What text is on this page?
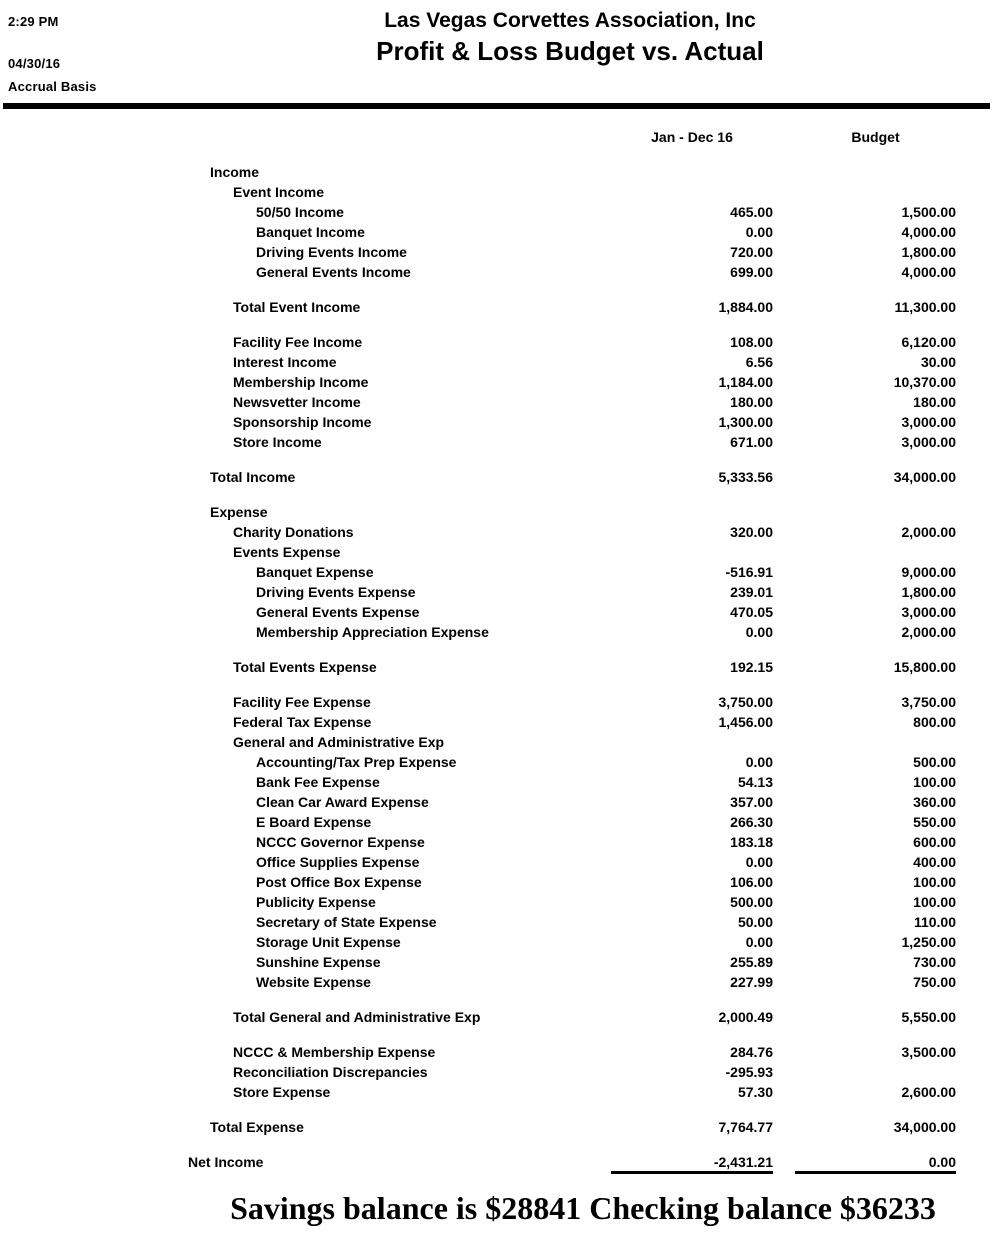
2:29 PM
04/30/16
Accrual Basis
Las Vegas Corvettes Association, Inc
Profit & Loss Budget vs. Actual
Jan - Dec 16	Budget
Income
Event Income
50/50 Income	465.00	1,500.00
Banquet Income	0.00	4,000.00
Driving Events Income	720.00	1,800.00
General Events Income	699.00	4,000.00
Total Event Income	1,884.00	11,300.00
Facility Fee Income	108.00	6,120.00
Interest Income	6.56	30.00
Membership Income	1,184.00	10,370.00
Newsvetter Income	180.00	180.00
Sponsorship Income	1,300.00	3,000.00
Store Income	671.00	3,000.00
Total Income	5,333.56	34,000.00
Expense
Charity Donations	320.00	2,000.00
Events Expense
Banquet Expense	-516.91	9,000.00
Driving Events Expense	239.01	1,800.00
General Events Expense	470.05	3,000.00
Membership Appreciation Expense	0.00	2,000.00
Total Events Expense	192.15	15,800.00
Facility Fee Expense	3,750.00	3,750.00
Federal Tax Expense	1,456.00	800.00
General and Administrative Exp
Accounting/Tax Prep Expense	0.00	500.00
Bank Fee Expense	54.13	100.00
Clean Car Award Expense	357.00	360.00
E Board Expense	266.30	550.00
NCCC Governor Expense	183.18	600.00
Office Supplies Expense	0.00	400.00
Post Office Box Expense	106.00	100.00
Publicity Expense	500.00	100.00
Secretary of State Expense	50.00	110.00
Storage Unit Expense	0.00	1,250.00
Sunshine Expense	255.89	730.00
Website Expense	227.99	750.00
Total General and Administrative Exp	2,000.49	5,550.00
NCCC & Membership Expense	284.76	3,500.00
Reconciliation Discrepancies	-295.93
Store Expense	57.30	2,600.00
Total Expense	7,764.77	34,000.00
Net Income	-2,431.21	0.00
Savings balance is $28841 Checking balance $36233
